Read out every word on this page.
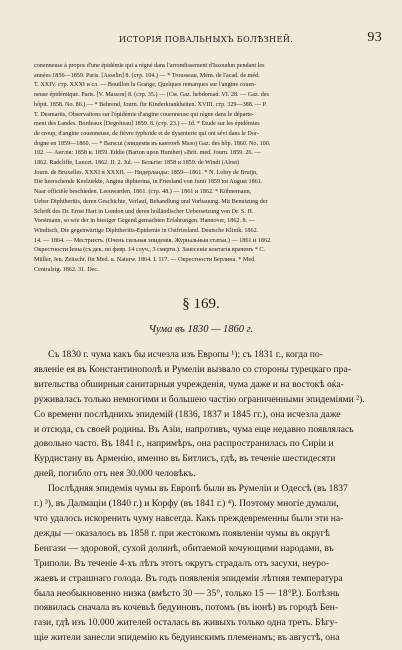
ИСТОРІЯ ПОВАЛЬНЫХЪ БОЛѢЗНЕЙ.	93
conenneuse à propos d'une épidémie qui a régné dans l'arrondissement d'Issoudun pendant les
années 1856—1859. Paris. [Asselin] 8. (стр. 104.) — * Trousseau, Mém. de l'acad. de méd.
T. XXIV. стр. XXXI и сл. — Bouillon la Grange, Quelques remarques sur l'angine couen-
neuse épidémique. Paris. [V. Masson] 8. (стр. 35.) — (См. Gaz. hebdomad. VI. 28. — Gaz. des
hôpit. 1858. No. 86.) — * Behrend, Journ. für Kinderkrankheiten. XVIII. стр. 329—388. — P.
T. Desmartis, Observations sur l'épidémie d'angine couenneuse qui règne dans le départe-
ment des Landes. Bordeaux [Degréteau] 1859. 8. (стр. 23.) — Id. * Étude sur les épidémies
de croup, d'angine couenneuse, de fièvre typhoïde et de dysenterie qui ont sévi dans le Dor-
dogne en 1859—1860. — * Barscut (эпидемія въ кантонѣ Мазо) Gaz. des hôp. 1860. No. 100.
102. — Англія: 1858 и. 1859. Eddie (Barton upon Humber) »Brit. med. Journ. 1859. 26. —
1862. Radcliffe, Lancet. 1862. II. 2. Jul. — Бельгія: 1858 и 1859. de Windt (Alost)
Journ. de Bruxelles. XXXI и XXXII. — Нидерланды: 1859—1861. * N. Lobry de Bruijn,
Die heerschende Keelziekte, Angina diphterina, in Friesland von Junii 1859 tot August 1861.
Naar officiële beschieden. Leeuwarden, 1861. (стр. 48.) — 1861 и 1862. * Köhnemann,
Ueber Diphtheritis, deren Geschichte, Verlauf, Behandlung und Vorbauung. Mit Benutzung der
Schrift des Dr. Ernst Hart in London und deren holländischer Uebersetzung von Dr. S. H.
Vorstmann, so wie der in hiesiger Gegend gemachten Erfahrungen. Hannover, 1862. 8. —
Windisch, Die gegenwärtige Diphtheritis-Epidemie in Ostfriesland. Deutsche Klinik. 1862.
14. — 1864. — Местрихтъ. (Очень сильная эпидемія. Журнальныя статьи.) — 1861 и 1862.
Окрестности Іены (съ дек. по февр. 14 случ., 3 смерти.). Занесеніе контагія врачемъ * C.
Müller, Jen. Zeitschr. für Med. u. Naturw. 1864. I. 117. — Окрестности Берлина. * Med.
Centralztg. 1862. 31. Dec.
§ 169.
Чума въ 1830 — 1860 г.
Съ 1830 г. чума какъ бы исчезла изъ Европы ¹); съ 1831 г., когда по-
явленіе ея въ Константинополѣ и Румеліи вызвало со стороны турецкаго пра-
вительства обширныя санитарныя учрежденія, чума даже и на востокѣ оќа-
руживалась только немногими и большею частію ограниченными эпидеміями ²).
Со временн послѣднихъ эпидемій (1836, 1837 и 1845 гг.), она исчезла даже
и отсюда, съ своей родины. Въ Азіи, напротивъ, чума еще недавно появлялась
довольно часто. Въ 1841 г., напримѣръ, она распространилась по Сиріи и
Курдистану въ Арменію, именно въ Битлисъ, гдѣ, въ теченіе шестидесяти
дней, погибло отъ нея 30.000 человѣкъ.
Послѣдняя эпидемія чумы въ Европѣ были въ Румеліи и Одессѣ (въ 1837
г.) ³), въ Далмаціи (1840 г.) и Корфу (въ 1841 г.) ⁴). Поэтому многіе думали,
что удалось искоренить чуму навсегда. Какъ преждевременны были эти на-
дежды — оказалось въ 1858 г. при жестокомъ появленіи чумы въ округѣ
Бенгази — здоровой, сухой долинѣ, обитаемой кочующими народами, въ
Триполи. Въ теченіе 4-хъ лѣтъ этотъ округъ страдалъ отъ засухи, неуро-
жаевъ и страшнаго голода. Въ годъ появленія эпидеміи лѣтняя температура
была необыкновенно низка (вмѣсто 30 — 35°, только 15 — 18°Р.). Болѣзнь
появилась сначала въ кочевьѣ бедуиновъ, потомъ (въ іюнѣ) въ городѣ Бен-
гази, гдѣ изъ 10.000 жителей осталась въ живыхъ только одна треть. Бѣгу-
щіе жители занесли эпидемію къ бедуинскимъ племенамъ; въ августѣ, она
